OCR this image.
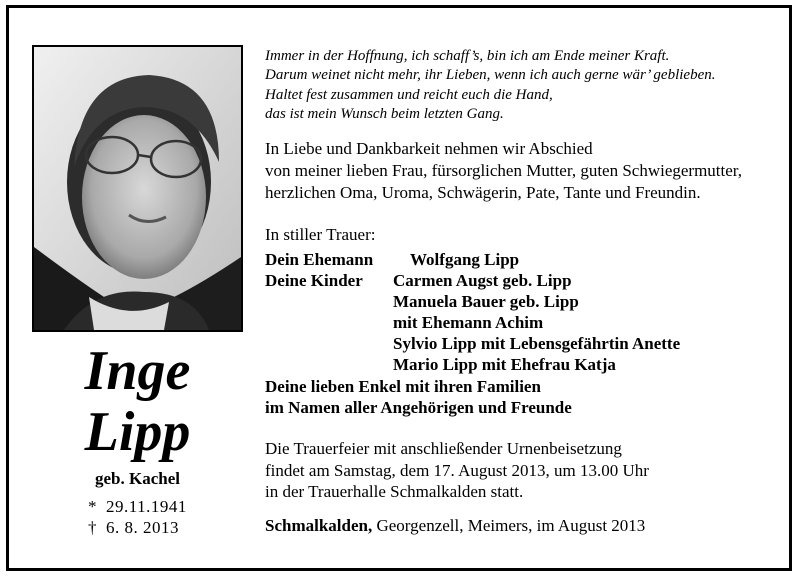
Inge
Lipp
geb. Kachel
* 29.11.1941
† 6. 8. 2013
Immer in der Hoffnung, ich schaff’s, bin ich am Ende meiner Kraft.
Darum weinet nicht mehr, ihr Lieben, wenn ich auch gerne wär’ geblieben.
Haltet fest zusammen und reicht euch die Hand,
das ist mein Wunsch beim letzten Gang.
In Liebe und Dankbarkeit nehmen wir Abschied
von meiner lieben Frau, fürsorglichen Mutter, guten Schwiegermutter,
herzlichen Oma, Uroma, Schwägerin, Pate, Tante und Freundin.
In stiller Trauer:
Dein Ehemann Wolfgang Lipp
Deine Kinder Carmen Augst geb. Lipp
Manuela Bauer geb. Lipp
mit Ehemann Achim
Sylvio Lipp mit Lebensgefährtin Anette
Mario Lipp mit Ehefrau Katja
Deine lieben Enkel mit ihren Familien
im Namen aller Angehörigen und Freunde
Die Trauerfeier mit anschließender Urnenbeisetzung
findet am Samstag, dem 17. August 2013, um 13.00 Uhr
in der Trauerhalle Schmalkalden statt.
Schmalkalden, Georgenzell, Meimers, im August 2013
